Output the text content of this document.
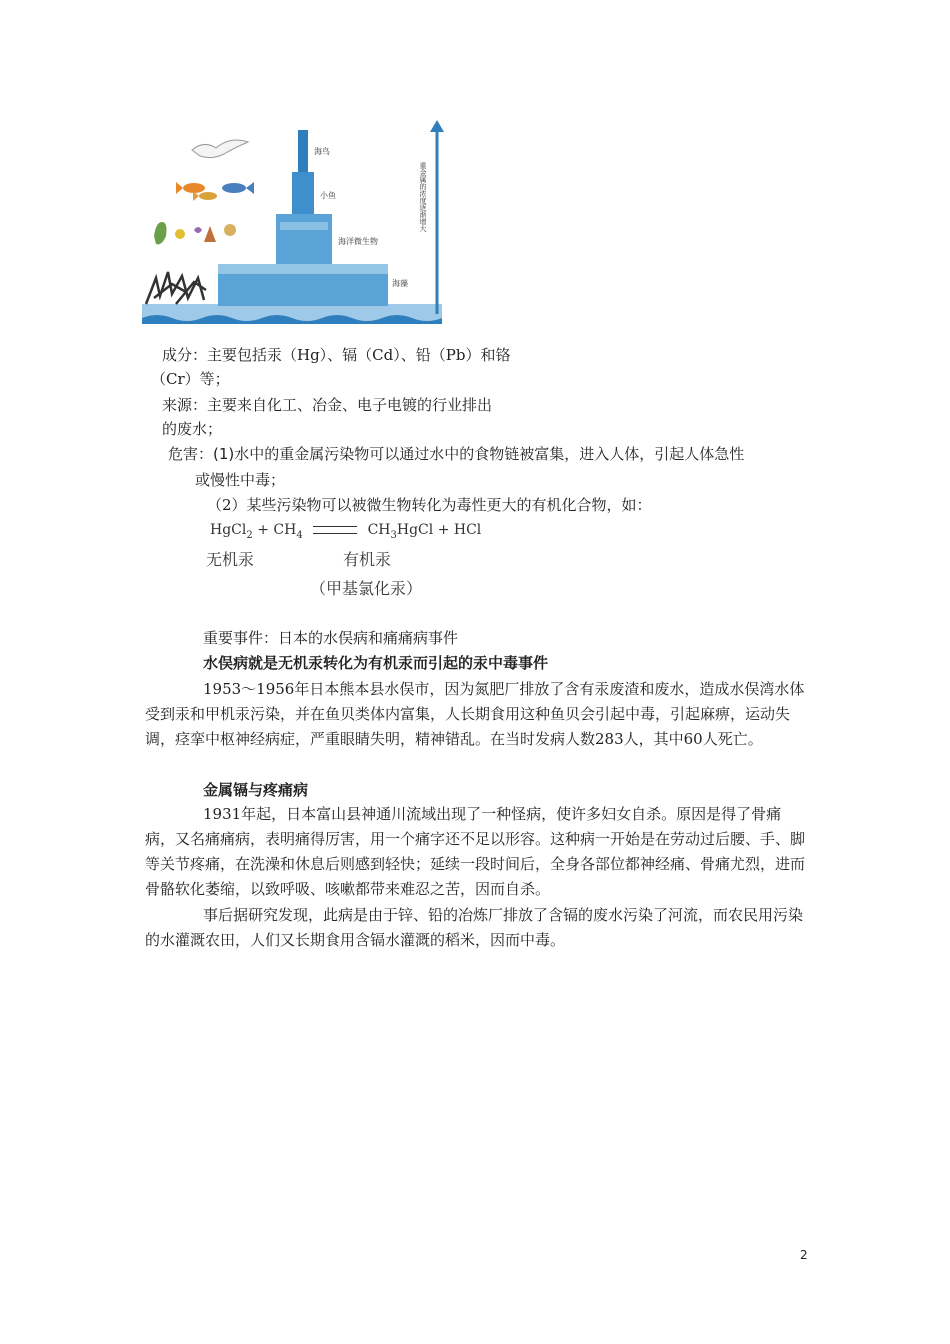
海鸟
小鱼
海洋微生物
海藻
重金属的浓度逐渐增大
成分：主要包括汞（Hg）、镉（Cd）、铅（Pb）和铬
（Cr）等；
来源：主要来自化工、冶金、电子电镀的行业排出
的废水；
危害：(1)水中的重金属污染物可以通过水中的食物链被富集，进入人体，引起人体急性
或慢性中毒；
（2）某些污染物可以被微生物转化为毒性更大的有机化合物，如：
HgCl$_2$ + $CH_4$	$CH_3HgCl$ + HCl
无机汞	有机汞
（甲基氯化汞）
重要事件：日本的水俣病和痛痛病事件
水俣病就是无机汞转化为有机汞而引起的汞中毒事件
1953～1956年日本熊本县水俣市，因为氮肥厂排放了含有汞废渣和废水，造成水俣湾水体受到汞和甲机汞污染，并在鱼贝类体内富集，人长期食用这种鱼贝会引起中毒，引起麻痹，运动失调，痉挛中枢神经病症，严重眼睛失明，精神错乱。在当时发病人数283人，其中60人死亡。
金属镉与疼痛病
1931年起，日本富山县神通川流域出现了一种怪病，使许多妇女自杀。原因是得了骨痛病，又名痛痛病，表明痛得厉害，用一个痛字还不足以形容。这种病一开始是在劳动过后腰、手、脚等关节疼痛，在洗澡和休息后则感到轻快；延续一段时间后，全身各部位都神经痛、骨痛尤烈，进而骨骼软化萎缩，以致呼吸、咳嗽都带来难忍之苦，因而自杀。
事后据研究发现，此病是由于锌、铅的冶炼厂排放了含镉的废水污染了河流，而农民用污染的水灌溉农田，人们又长期食用含镉水灌溉的稻米，因而中毒。
2
